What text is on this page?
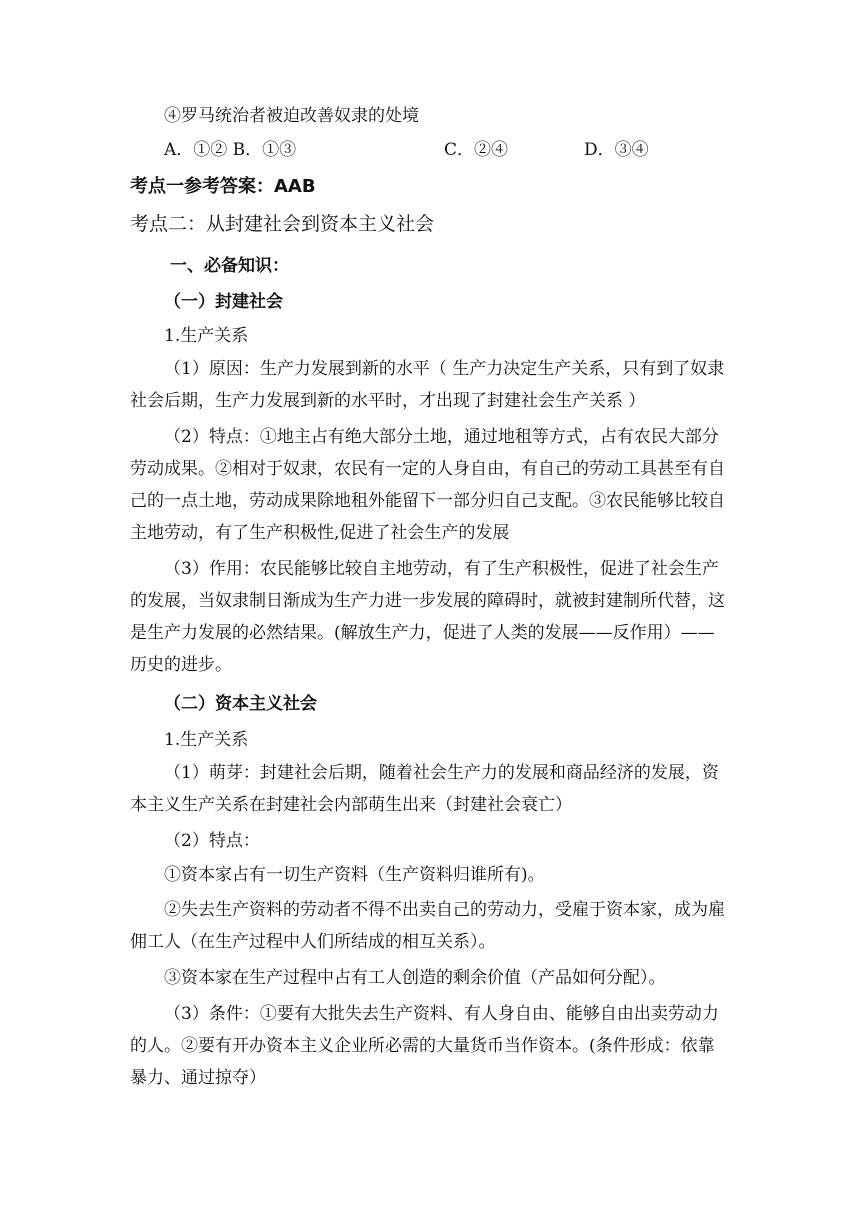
④罗马统治者被迫改善奴隶的处境
A．①② B．①③	C．②④	D．③④
考点一参考答案：AAB
考点二：从封建社会到资本主义社会
一、必备知识：
（一）封建社会
1.生产关系
（1）原因：生产力发展到新的水平（ 生产力决定生产关系，只有到了奴隶
社会后期，生产力发展到新的水平时，才出现了封建社会生产关系 ）
（2）特点：①地主占有绝大部分土地，通过地租等方式，占有农民大部分
劳动成果。②相对于奴隶，农民有一定的人身自由，有自己的劳动工具甚至有自
己的一点土地，劳动成果除地租外能留下一部分归自己支配。③农民能够比较自
主地劳动，有了生产积极性,促进了社会生产的发展
（3）作用：农民能够比较自主地劳动，有了生产积极性，促进了社会生产
的发展，当奴隶制日渐成为生产力进一步发展的障碍时，就被封建制所代替，这
是生产力发展的必然结果。(解放生产力，促进了人类的发展——反作用）——
历史的进步。
（二）资本主义社会
1.生产关系
（1）萌芽：封建社会后期，随着社会生产力的发展和商品经济的发展，资
本主义生产关系在封建社会内部萌生出来（封建社会衰亡）
（2）特点：
①资本家占有一切生产资料（生产资料归谁所有)。
②失去生产资料的劳动者不得不出卖自己的劳动力，受雇于资本家，成为雇
佣工人（在生产过程中人们所结成的相互关系）。
③资本家在生产过程中占有工人创造的剩余价值（产品如何分配）。
（3）条件：①要有大批失去生产资料、有人身自由、能够自由出卖劳动力
的人。②要有开办资本主义企业所必需的大量货币当作资本。(条件形成：依靠
暴力、通过掠夺）
